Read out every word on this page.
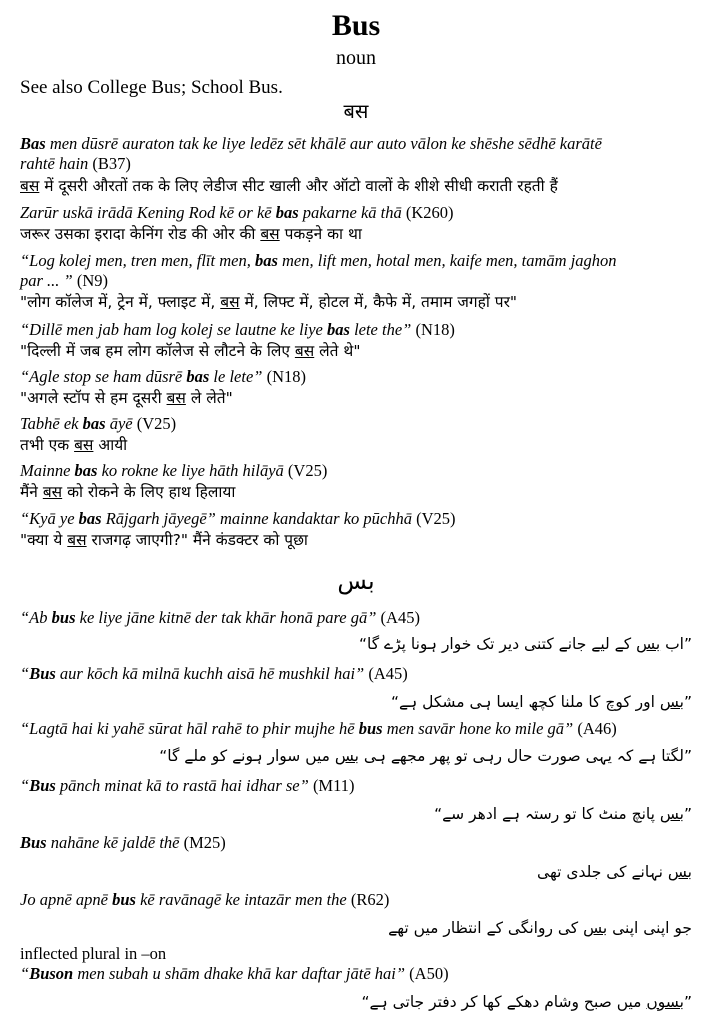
Bus
noun
See also College Bus; School Bus.
बस
بس
Bas men dūsrē auraton tak ke liye ledēz sēt khālē aur auto vālon ke shēshe sēdhē karātē
rahtē hain (B37)
बस में दूसरी औरतों तक के लिए लेडीज सीट खाली और ऑटो वालों के शीशे सीधी कराती रहती हैं
Zarūr uskā irādā Kening Rod kē or kē bas pakarne kā thā (K260)
जरूर उसका इरादा केनिंग रोड की ओर की बस पकड़ने का था
“Log kolej men, tren men, flīt men, bas men, lift men, hotal men, kaife men, tamām jaghon
par ... ” (N9)
"लोग कॉलेज में, ट्रेन में, फ्लाइट में, बस में, लिफ्ट में, होटल में, कैफे में, तमाम जगहों पर"
“Dillē men jab ham log kolej se lautne ke liye bas lete the” (N18)
"दिल्ली में जब हम लोग कॉलेज से लौटने के लिए बस लेते थे"
“Agle stop se ham dūsrē bas le lete” (N18)
"अगले स्टॉप से हम दूसरी बस ले लेते"
Tabhē ek bas āyē (V25)
तभी एक बस आयी
Mainne bas ko rokne ke liye hāth hilāyā (V25)
मैंने बस को रोकने के लिए हाथ हिलाया
“Kyā ye bas Rājgarh jāyegē” mainne kandaktar ko pūchhā (V25)
"क्या ये बस राजगढ़ जाएगी?" मैंने कंडक्टर को पूछा
“Ab bus ke liye jāne kitnē der tak khār honā pare gā” (A45)
”اب بس کے لیے جانے کتنی دیر تک خوار ہونا پڑے گا“
“Bus aur kōch kā milnā kuchh aisā hē mushkil hai” (A45)
”بس اور کوچ کا ملنا کچھ ایسا ہی مشکل ہے“
“Lagtā hai ki yahē sūrat hāl rahē to phir mujhe hē bus men savār hone ko mile gā” (A46)
”لگتا ہے کہ یہی صورت حال رہی تو پھر مجھے ہی بس میں سوار ہونے کو ملے گا“
“Bus pānch minat kā to rastā hai idhar se” (M11)
”بس پانچ منٹ کا تو رستہ ہے ادھر سے“
Bus nahāne kē jaldē thē (M25)
بس نہانے کی جلدی تھی
Jo apnē apnē bus kē ravānagē ke intazār men the (R62)
جو اپنی اپنی بس کی روانگی کے انتظار میں تھے
inflected plural in –on
“Buson men subah u shām dhake khā kar daftar jātē hai” (A50)
”بسوں میں صبح وشام دھکے کھا کر دفتر جاتی ہے“
